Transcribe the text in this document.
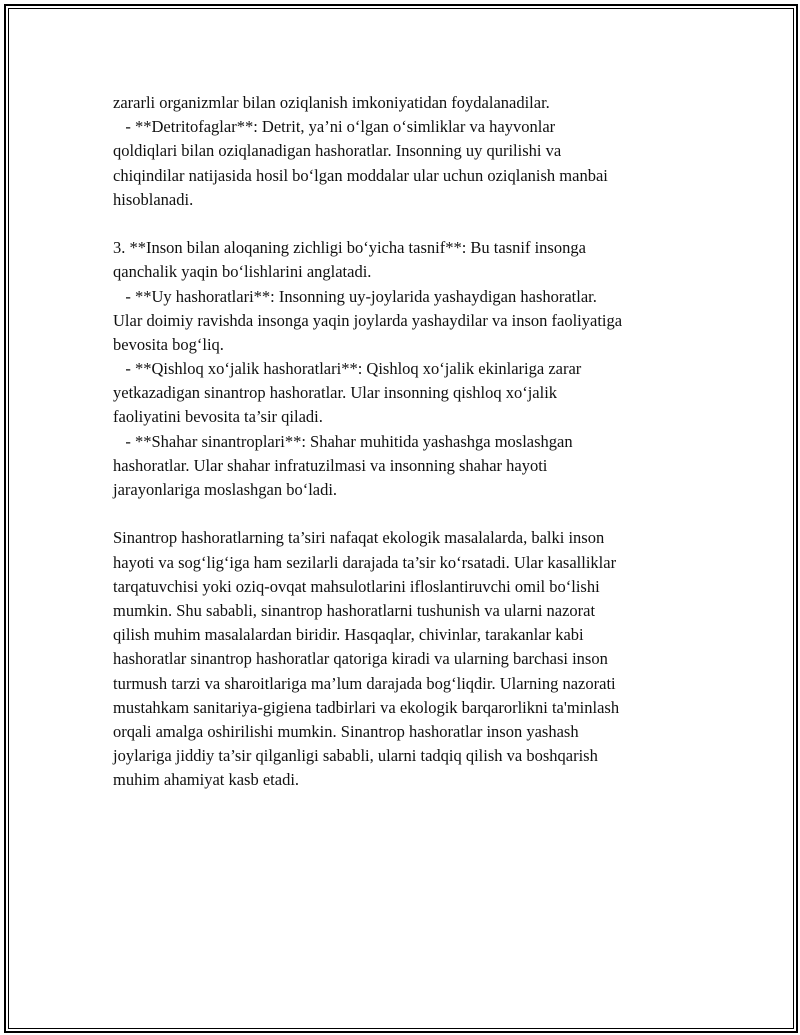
zararli organizmlar bilan oziqlanish imkoniyatidan foydalanadilar.
- **Detritofaglar**: Detrit, ya’ni o‘lgan o‘simliklar va hayvonlar
qoldiqlari bilan oziqlanadigan hashoratlar. Insonning uy qurilishi va
chiqindilar natijasida hosil bo‘lgan moddalar ular uchun oziqlanish manbai
hisoblanadi.
3. **Inson bilan aloqaning zichligi bo‘yicha tasnif**: Bu tasnif insonga
qanchalik yaqin bo‘lishlarini anglatadi.
- **Uy hashoratlari**: Insonning uy-joylarida yashaydigan hashoratlar.
Ular doimiy ravishda insonga yaqin joylarda yashaydilar va inson faoliyatiga
bevosita bog‘liq.
- **Qishloq xo‘jalik hashoratlari**: Qishloq xo‘jalik ekinlariga zarar
yetkazadigan sinantrop hashoratlar. Ular insonning qishloq xo‘jalik
faoliyatini bevosita ta’sir qiladi.
- **Shahar sinantroplari**: Shahar muhitida yashashga moslashgan
hashoratlar. Ular shahar infratuzilmasi va insonning shahar hayoti
jarayonlariga moslashgan bo‘ladi.
Sinantrop hashoratlarning ta’siri nafaqat ekologik masalalarda, balki inson
hayoti va sog‘lig‘iga ham sezilarli darajada ta’sir ko‘rsatadi. Ular kasalliklar
tarqatuvchisi yoki oziq-ovqat mahsulotlarini ifloslantiruvchi omil bo‘lishi
mumkin. Shu sababli, sinantrop hashoratlarni tushunish va ularni nazorat
qilish muhim masalalardan biridir. Hasqaqlar, chivinlar, tarakanlar kabi
hashoratlar sinantrop hashoratlar qatoriga kiradi va ularning barchasi inson
turmush tarzi va sharoitlariga ma’lum darajada bog‘liqdir. Ularning nazorati
mustahkam sanitariya-gigiena tadbirlari va ekologik barqarorlikni ta'minlash
orqali amalga oshirilishi mumkin. Sinantrop hashoratlar inson yashash
joylariga jiddiy ta’sir qilganligi sababli, ularni tadqiq qilish va boshqarish
muhim ahamiyat kasb etadi.
